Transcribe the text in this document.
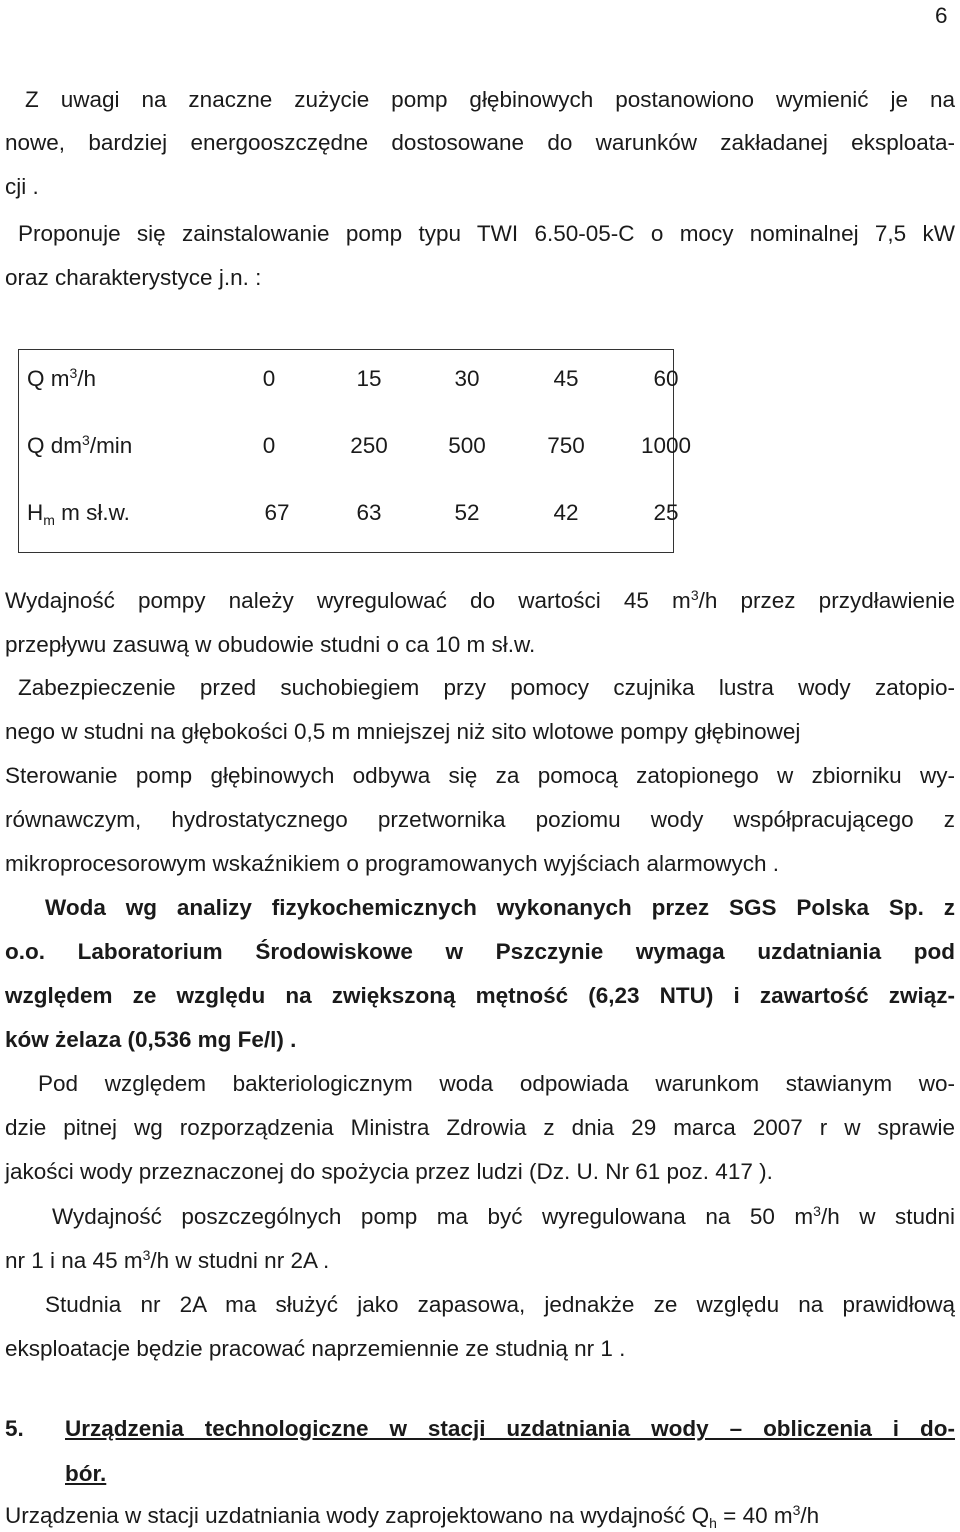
6
Z uwagi na znaczne zużycie pomp głębinowych postanowiono wymienić je na
nowe, bardziej energooszczędne dostosowane do warunków zakładanej eksploata-
cji .
Proponuje się zainstalowanie pomp typu TWI 6.50-05-C o mocy nominalnej 7,5 kW
oraz charakterystyce j.n. :
Q $m^3/h$	0	15	30	45	60
Q $dm^3/\min$	0	250	500	750	1000
$H_m$ m sł.w.	67	63	52	42	25
Wydajność pompy należy wyregulować do wartości 45 $m^3/h$ przez przydławienie
przepływu zasuwą w obudowie studni o ca 10 m sł.w.
Zabezpieczenie przed suchobiegiem przy pomocy czujnika lustra wody zatopio-
nego w studni na głębokości 0,5 m mniejszej niż sito wlotowe pompy głębinowej
Sterowanie pomp głębinowych odbywa się za pomocą zatopionego w zbiorniku wy-
równawczym, hydrostatycznego przetwornika poziomu wody współpracującego z
mikroprocesorowym wskaźnikiem o programowanych wyjściach alarmowych .
Woda wg analizy fizykochemicznych wykonanych przez SGS Polska Sp. z
o.o. Laboratorium Środowiskowe w Pszczynie wymaga uzdatniania pod
względem ze względu na zwiększoną mętność (6,23 NTU) i zawartość związ-
ków żelaza (0,536 mg Fe/l) .
Pod względem bakteriologicznym woda odpowiada warunkom stawianym wo-
dzie pitnej wg rozporządzenia Ministra Zdrowia z dnia 29 marca 2007 r w sprawie
jakości wody przeznaczonej do spożycia przez ludzi (Dz. U. Nr 61 poz. 417 ).
Wydajność poszczególnych pomp ma być wyregulowana na 50 $m^3/h$ w studni
nr 1 i na 45 $m^3/h$ w studni nr 2A .
Studnia nr 2A ma służyć jako zapasowa, jednakże ze względu na prawidłową
eksploatacje będzie pracować naprzemiennie ze studnią nr 1 .
5. Urządzenia technologiczne w stacji uzdatniania wody – obliczenia i do-
bór.
Urządzenia w stacji uzdatniania wody zaprojektowano na wydajność $Q_h = 40$ $m^3/h$
